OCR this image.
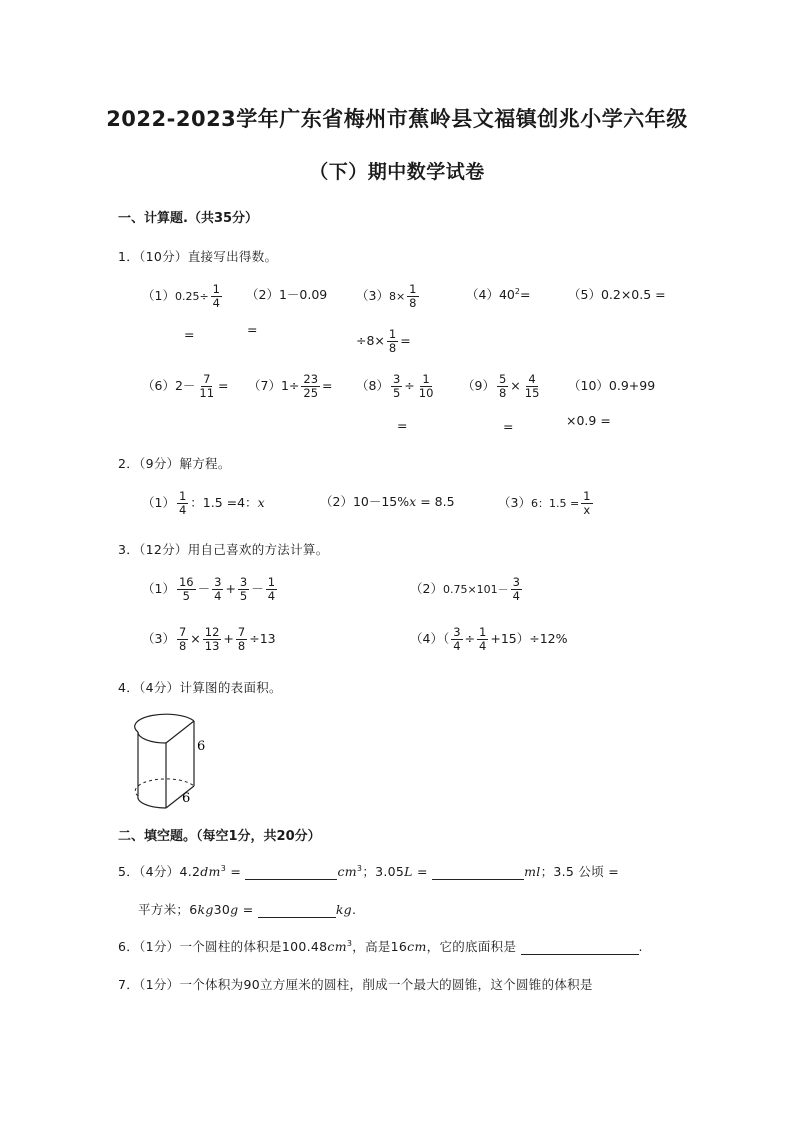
2022-2023学年广东省梅州市蕉岭县文福镇创兆小学六年级
（下）期中数学试卷
一、计算题.（共35分）
1．（10分）直接写出得数。
$(1)0.25\div \frac{1}{4}$
=
（2）1－0.09
=
$(3)8\times \frac{1}{8}$
$\div 8\times \frac{1}{8}$ =
$(4)40^2=$	（5）0.2×0.5 =
$(6)2- \frac{7}{11} = (7)1\div \frac{23}{25} = (8) \frac{3}{5} \div \frac{1}{10}$
=
$(9) \frac{5}{8} \times \frac{4}{15}$
=
（10）0.9+99
×0.9 =
2．（9分）解方程。
$(1) \frac{1}{4}$ ：1.5 =4：x	（2）10－15%x = 8.5	（3）6：$1.5 = \frac{1}{x}$
3．（12分）用自己喜欢的方法计算。
$(1) \frac{16}{5} - \frac{3}{4} + \frac{3}{5} - \frac{1}{4}$	$(2)0.75\times 101- \frac{3}{4}$
$(3) \frac{7}{8} \times \frac{12}{13} + \frac{7}{8} \div 13$	$(4)( \frac{3}{4} \div \frac{1}{4} +15)\div 12\%$
4．（4分）计算图的表面积。
6
6
二、填空题。（每空1分，共20分）
5．（4分）$4.2dm^3$ =	$cm^3$；3.05L =	ml；3.5 公顷 =
平方米；6kg30g =	kg.
6．（1分）一个圆柱的体积是$100.48cm^3$，高是16cm，它的底面积是	.
7．（1分）一个体积为90立方厘米的圆柱，削成一个最大的圆锥，这个圆锥的体积是
